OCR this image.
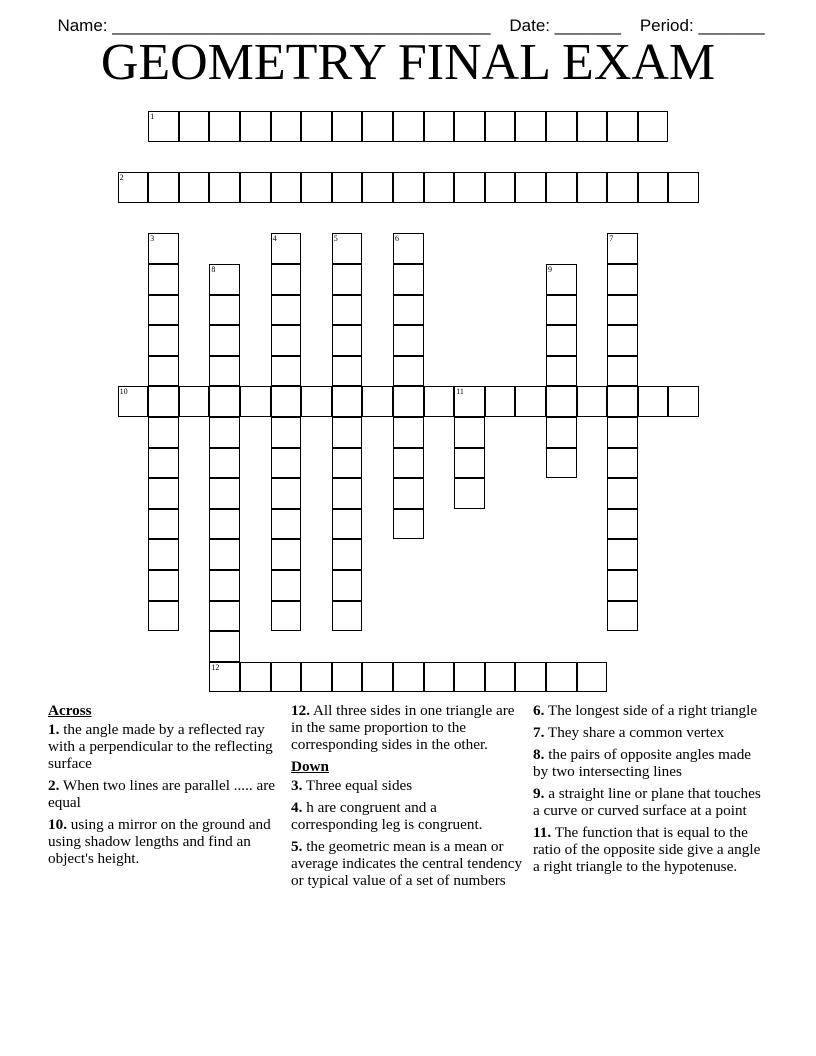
Name: ________________________________________ Date: _______ Period: _______

GEOMETRY FINAL EXAM
1
2
3	4	5	6	7
8
12
9
10	11
Across
1. the angle made by a reflected ray with a perpendicular to the reflecting surface
2. When two lines are parallel ..... are equal
10. using a mirror on the ground and using shadow lengths and find an object's height.
12. All three sides in one triangle are in the same proportion to the corresponding sides in the other.
Down
3. Three equal sides
4. h are congruent and a corresponding leg is congruent.
5. the geometric mean is a mean or average indicates the central tendency or typical value of a set of numbers
6. The longest side of a right triangle
7. They share a common vertex
8. the pairs of opposite angles made by two intersecting lines
9. a straight line or plane that touches a curve or curved surface at a point
11. The function that is equal to the ratio of the opposite side give a angle a right triangle to the hypotenuse.
